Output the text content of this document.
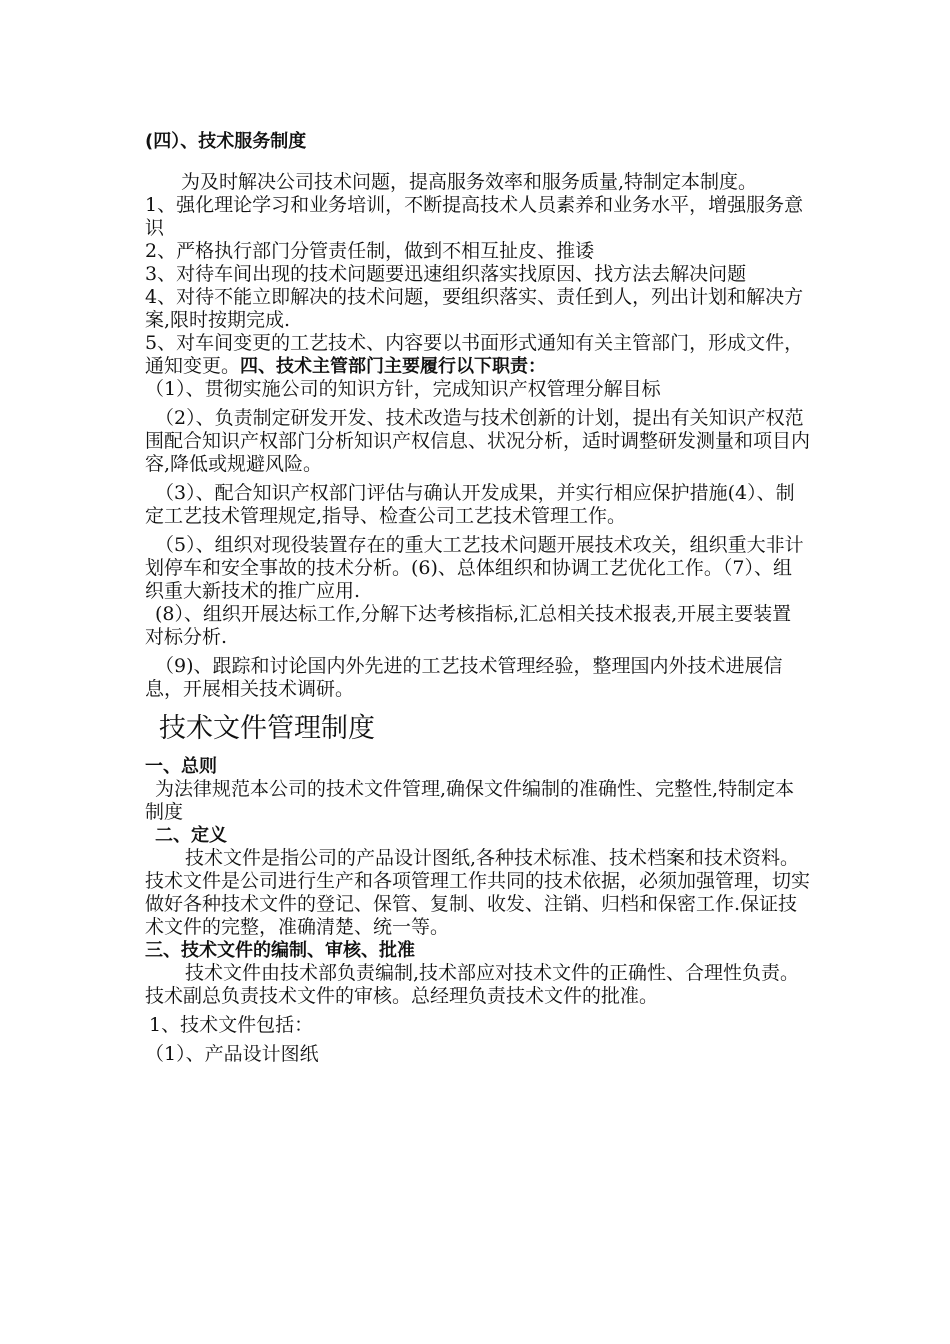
(四）、技术服务制度

为及时解决公司技术问题，提高服务效率和服务质量,特制定本制度。

1、强化理论学习和业务培训，不断提高技术人员素养和业务水平，增强服务意识

2、严格执行部门分管责任制，做到不相互扯皮、推诿

3、对待车间出现的技术问题要迅速组织落实找原因、找方法去解决问题

4、对待不能立即解决的技术问题，要组织落实、责任到人，列出计划和解决方案,限时按期完成.

5、对车间变更的工艺技术、内容要以书面形式通知有关主管部门，形成文件，通知变更。四、技术主管部门主要履行以下职责：

（1）、贯彻实施公司的知识方针，完成知识产权管理分解目标

（2）、负责制定研发开发、技术改造与技术创新的计划，提出有关知识产权范围配合知识产权部门分析知识产权信息、状况分析，适时调整研发测量和项目内容,降低或规避风险。

（3）、配合知识产权部门评估与确认开发成果，并实行相应保护措施(4）、制定工艺技术管理规定,指导、检查公司工艺技术管理工作。

（5）、组织对现役装置存在的重大工艺技术问题开展技术攻关，组织重大非计划停车和安全事故的技术分析。(6)、总体组织和协调工艺优化工作。（7）、组织重大新技术的推广应用.

(8）、组织开展达标工作,分解下达考核指标,汇总相关技术报表,开展主要装置对标分析.

（9)、跟踪和讨论国内外先进的工艺技术管理经验，整理国内外技术进展信息，开展相关技术调研。

技术文件管理制度

一、总则

为法律规范本公司的技术文件管理,确保文件编制的准确性、完整性,特制定本制度

二、定义

技术文件是指公司的产品设计图纸,各种技术标准、技术档案和技术资料。 技术文件是公司进行生产和各项管理工作共同的技术依据，必须加强管理，切实做好各种技术文件的登记、保管、复制、收发、注销、归档和保密工作.保证技术文件的完整，准确清楚、统一等。

三、技术文件的编制、审核、批准

技术文件由技术部负责编制,技术部应对技术文件的正确性、合理性负责。技术副总负责技术文件的审核。总经理负责技术文件的批准。

1、技术文件包括：

（1）、产品设计图纸
